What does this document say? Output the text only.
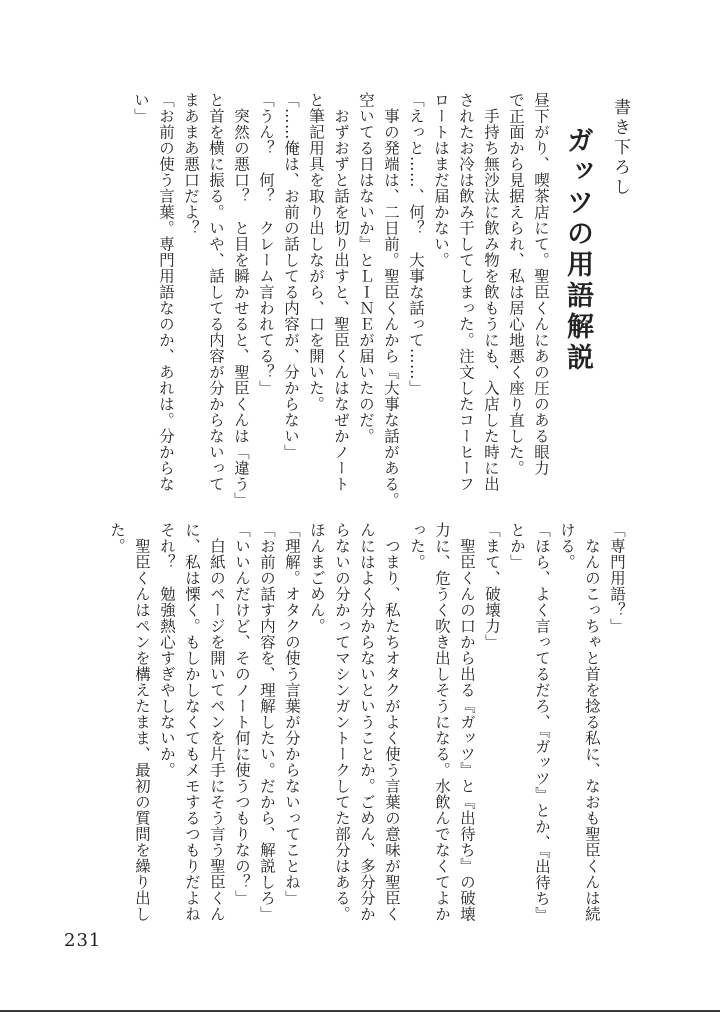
書き下ろし
ガッツの用語解説
昼下がり、喫茶店にて。聖臣くんにあの圧のある眼力
で正面から見据えられ、私は居心地悪く座り直した。
手持ち無沙汰に飲み物を飲もうにも、入店した時に出
されたお冷は飲み干してしまった。注文したコーヒーフ
ロートはまだ届かない。
「えっと……、何？　大事な話って……」
事の発端は、二日前。聖臣くんから『大事な話がある。
空いてる日はないか』とＬＩＮＥが届いたのだ。
おずおずと話を切り出すと、聖臣くんはなぜかノート
と筆記用具を取り出しながら、口を開いた。
「……俺は、お前の話してる内容が、分からない」
「うん？　何？　クレーム言われてる？」
突然の悪口？　と目を瞬かせると、聖臣くんは「違う」
と首を横に振る。いや、話してる内容が分からないって
まあまあ悪口だよ？
「お前の使う言葉。専門用語なのか、あれは。分からな
い」
「専門用語？」
なんのこっちゃと首を捻る私に、なおも聖臣くんは続
ける。
「ほら、よく言ってるだろ、『ガッツ』とか、『出待ち』
とか」
「まて、破壊力」
聖臣くんの口から出る『ガッツ』と『出待ち』の破壊
力に、危うく吹き出しそうになる。水飲んでなくてよか
った。
つまり、私たちオタクがよく使う言葉の意味が聖臣く
んにはよく分からないということか。ごめん、多分分か
らないの分かってマシンガントークしてた部分はある。
ほんまごめん。
「理解。オタクの使う言葉が分からないってことね」
「お前の話す内容を、理解したい。だから、解説しろ」
「いいんだけど、そのノート何に使うつもりなの？」
白紙のページを開いてペンを片手にそう言う聖臣くん
に、私は慄く。もしかしなくてもメモするつもりだよね
それ？　勉強熱心すぎやしないか。
聖臣くんはペンを構えたまま、最初の質問を繰り出し
た。
231
